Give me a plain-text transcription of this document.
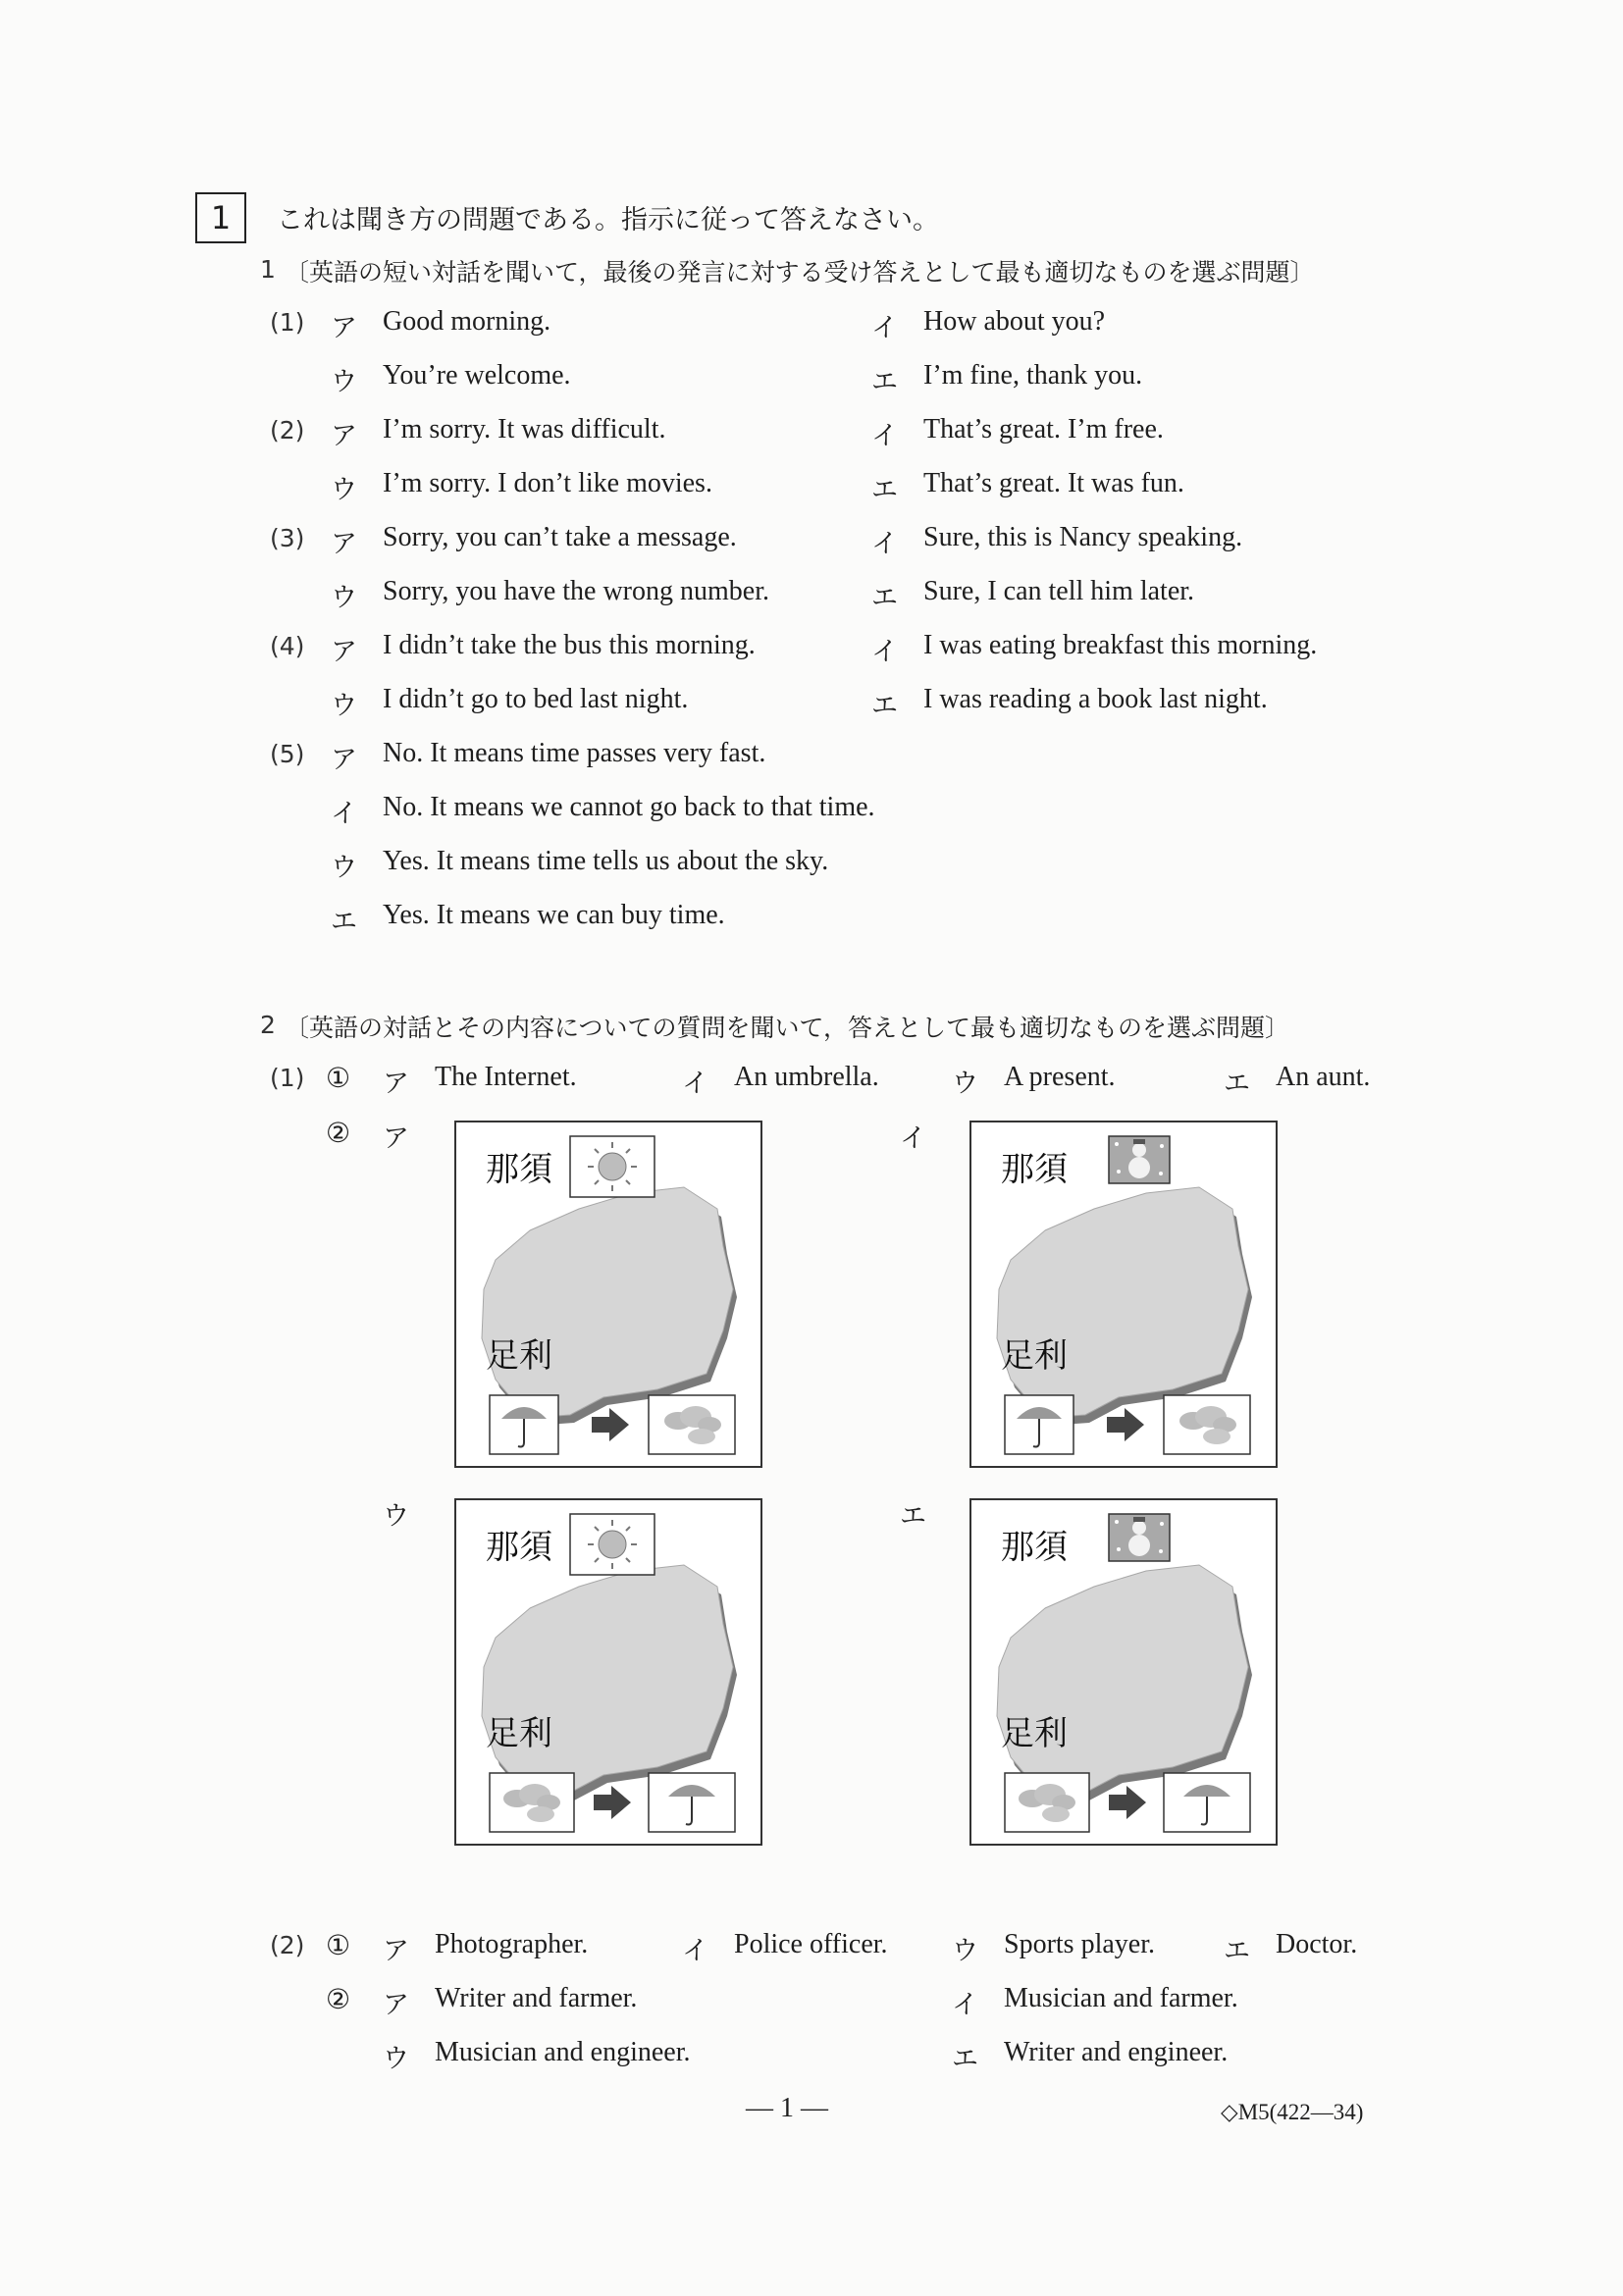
1 これは聞き方の問題である。指示に従って答えなさい。
1 〔英語の短い対話を聞いて，最後の発言に対する受け答えとして最も適切なものを選ぶ問題〕
(1) ア Good morning.	イ How about you?
ウ You’re welcome.	エ I’m fine, thank you.
(2) ア I’m sorry. It was difficult.	イ That’s great. I’m free.
ウ I’m sorry. I don’t like movies.	エ That’s great. It was fun.
(3) ア Sorry, you can’t take a message.	イ Sure, this is Nancy speaking.
ウ Sorry, you have the wrong number.	エ Sure, I can tell him later.
(4) ア I didn’t take the bus this morning.	イ I was eating breakfast this morning.
ウ I didn’t go to bed last night.	エ I was reading a book last night.
(5) ア No. It means time passes very fast.
イ No. It means we cannot go back to that time.
ウ Yes. It means time tells us about the sky.
エ Yes. It means we can buy time.
2 〔英語の対話とその内容についての質問を聞いて，答えとして最も適切なものを選ぶ問題〕
(1) ① ア The Internet.	イ An umbrella.	ウ A present.	エ An aunt.
② ア	イ
ウ	エ
那須
足利
那須
足利
那須
足利
那須
足利
(2) ① ア Photographer.	イ Police officer. ウ Sports player.	エ Doctor.
② ア Writer and farmer.	イ Musician and farmer.
ウ Musician and engineer.	エ Writer and engineer.
— 1 —	◇M5(422—34)
